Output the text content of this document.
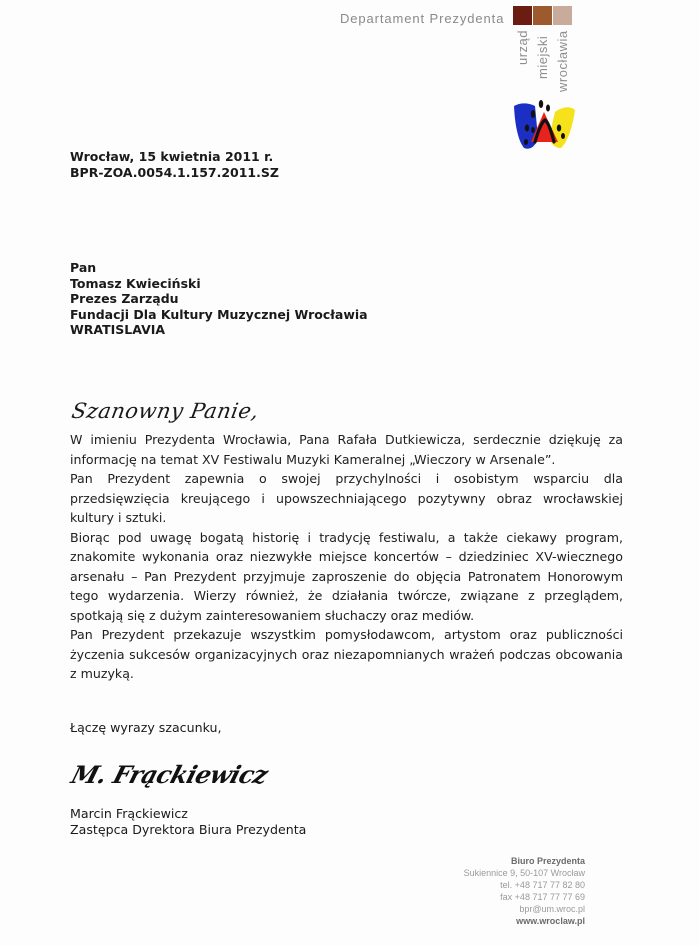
Departament Prezydenta
urząd miejski wrocławia
Wrocław, 15 kwietnia 2011 r.
BPR-ZOA.0054.1.157.2011.SZ
Pan
Tomasz Kwieciński
Prezes Zarządu
Fundacji Dla Kultury Muzycznej Wrocławia
WRATISLAVIA
Szanowny Panie,

W imieniu Prezydenta Wrocławia, Pana Rafała Dutkiewicza, serdecznie dziękuję za informację na temat XV Festiwalu Muzyki Kameralnej „Wieczory w Arsenale”.

Pan Prezydent zapewnia o swojej przychylności i osobistym wsparciu dla przedsięwzięcia kreującego i upowszechniającego pozytywny obraz wrocławskiej kultury i sztuki.

Biorąc pod uwagę bogatą historię i tradycję festiwalu, a także ciekawy program, znakomite wykonania oraz niezwykłe miejsce koncertów – dziedziniec XV-wiecznego arsenału – Pan Prezydent przyjmuje zaproszenie do objęcia Patronatem Honorowym tego wydarzenia. Wierzy również, że działania twórcze, związane z przeglądem, spotkają się z dużym zainteresowaniem słuchaczy oraz mediów.

Pan Prezydent przekazuje wszystkim pomysłodawcom, artystom oraz publiczności życzenia sukcesów organizacyjnych oraz niezapomnianych wrażeń podczas obcowania z muzyką.

Łączę wyrazy szacunku,
M. Frąckiewicz
Marcin Frąckiewicz
Zastępca Dyrektora Biura Prezydenta
Biuro Prezydenta
Sukiennice 9, 50-107 Wrocław
tel. +48 717 77 82 80
fax +48 717 77 77 69
bpr@um.wroc.pl
www.wroclaw.pl
